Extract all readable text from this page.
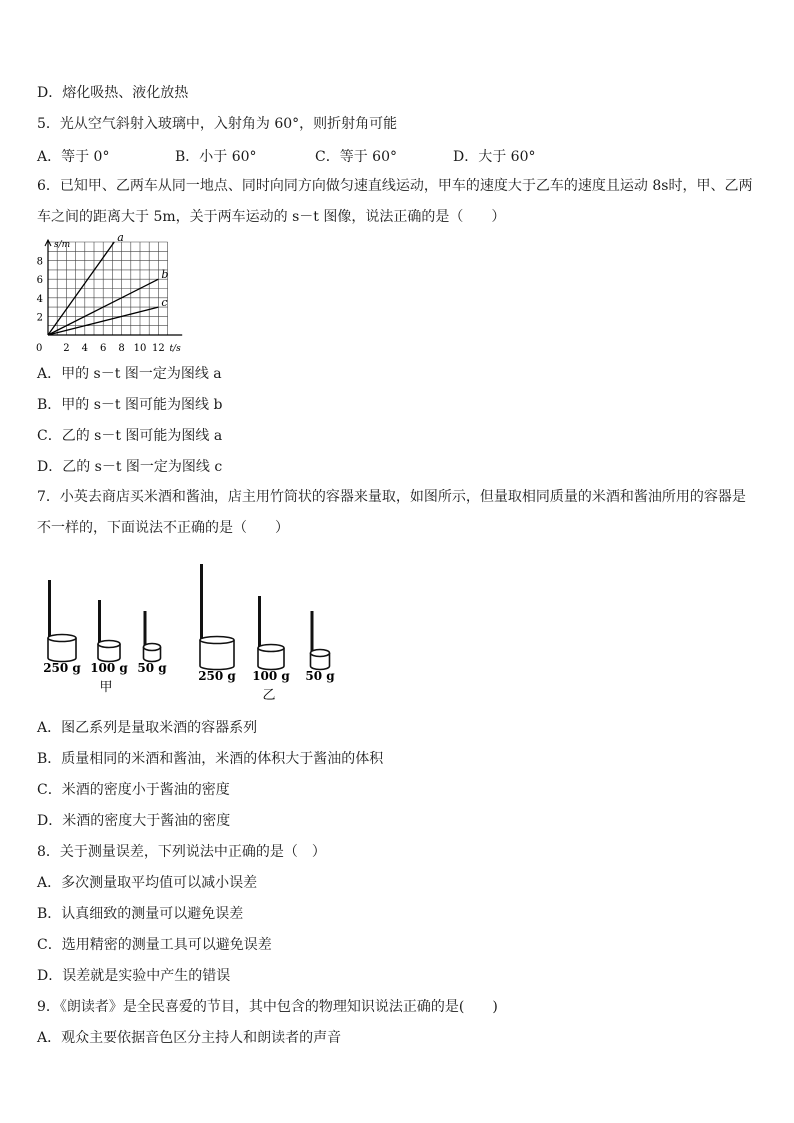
D．熔化吸热、液化放热
5．光从空气斜射入玻璃中，入射角为 60°，则折射角可能
A．等于 0°	B．小于 60°	C．等于 60°	D．大于 60°
6．已知甲、乙两车从同一地点、同时向同方向做匀速直线运动，甲车的速度大于乙车的速度且运动 8s时，甲、乙两车之间的距离大于 5m，关于两车运动的 s－t 图像，说法正确的是（　　）
s/m
t/s
0 2 4 6 8 10 12
2
4
6
8
a
b
c
A．甲的 s－t 图一定为图线 a
B．甲的 s－t 图可能为图线 b
C．乙的 s－t 图可能为图线 a
D．乙的 s－t 图一定为图线 c
7．小英去商店买米酒和酱油，店主用竹筒状的容器来量取，如图所示，但量取相同质量的米酒和酱油所用的容器是不一样的，下面说法不正确的是（　　）
250 g 100 g 50 g
甲
250 g 100 g 50 g
乙
A．图乙系列是量取米酒的容器系列
B．质量相同的米酒和酱油，米酒的体积大于酱油的体积
C．米酒的密度小于酱油的密度
D．米酒的密度大于酱油的密度
8．关于测量误差，下列说法中正确的是（　）
A．多次测量取平均值可以减小误差
B．认真细致的测量可以避免误差
C．选用精密的测量工具可以避免误差
D．误差就是实验中产生的错误
9．《朗读者》是全民喜爱的节目，其中包含的物理知识说法正确的是(　　)
A．观众主要依据音色区分主持人和朗读者的声音
